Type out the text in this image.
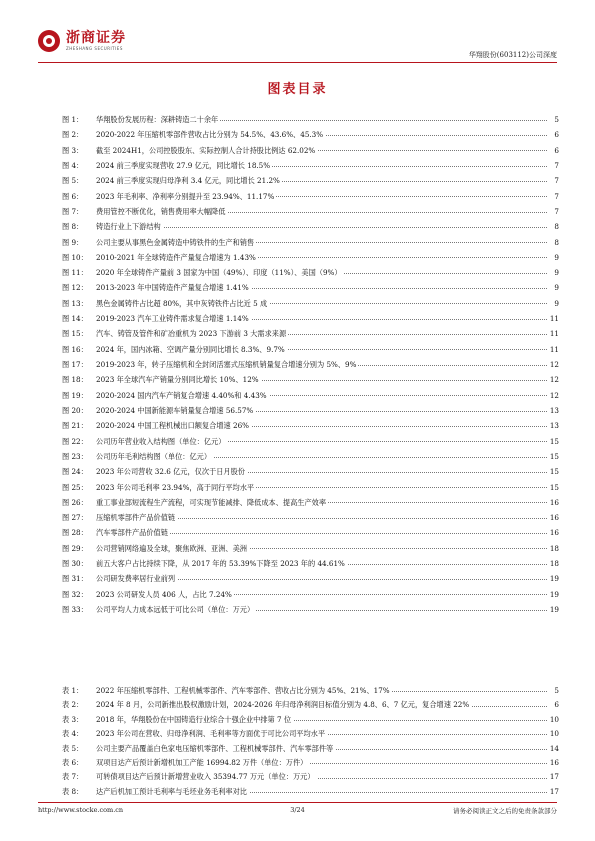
浙商证券
ZHESHANG SECURITIES
华翔股份(603112)公司深度
图表目录
图 1： 华翔股份发展历程：深耕铸造二十余年	5
图 2： 2020-2022 年压缩机零部件营收占比分别为 54.5%、43.6%、45.3%	6
图 3： 截至 2024H1，公司控股股东、实际控制人合计持股比例达 62.02%	6
图 4： 2024 前三季度实现营收 27.9 亿元，同比增长 18.5%	7
图 5： 2024 前三季度实现归母净利 3.4 亿元，同比增长 21.2%	7
图 6： 2023 年毛利率、净利率分别提升至 23.94%、11.17%	7
图 7： 费用管控不断优化，销售费用率大幅降低	7
图 8： 铸造行业上下游结构	8
图 9： 公司主要从事黑色金属铸造中铸铁件的生产和销售	8
图 10： 2010-2021 年全球铸造件产量复合增速为 1.43%	9
图 11： 2020 年全球铸件产量前 3 国家为中国（49%）、印度（11%）、美国（9%）	9
图 12： 2013-2023 年中国铸造件产量复合增速 1.41%	9
图 13： 黑色金属铸件占比超 80%，其中灰铸铁件占比近 5 成	9
图 14： 2019-2023 汽车工业铸件需求复合增速 1.14%	11
图 15： 汽车、铸管及管件和矿冶重机为 2023 下游前 3 大需求来源	11
图 16： 2024 年，国内冰箱、空调产量分别同比增长 8.3%、9.7%	11
图 17： 2019-2023 年，转子压缩机和全封闭活塞式压缩机销量复合增速分别为 5%、9%	12
图 18： 2023 年全球汽车产销量分别同比增长 10%、12%	12
图 19： 2020-2024 国内汽车产销复合增速 4.40%和 4.43%	12
图 20： 2020-2024 中国新能源车销量复合增速 56.57%	13
图 21： 2020-2024 中国工程机械出口额复合增速 26%	13
图 22： 公司历年营业收入结构图（单位：亿元）	15
图 23： 公司历年毛利结构图（单位：亿元）	15
图 24： 2023 年公司营收 32.6 亿元，仅次于日月股份	15
图 25： 2023 年公司毛利率 23.94%，高于同行平均水平	15
图 26： 重工事业部短流程生产流程，可实现节能减排、降低成本、提高生产效率	16
图 27： 压缩机零部件产品价值链	16
图 28： 汽车零部件产品价值链	16
图 29： 公司营销网络遍及全球，聚焦欧洲、亚洲、美洲	18
图 30： 前五大客户占比持续下降，从 2017 年的 53.39%下降至 2023 年的 44.61%	18
图 31： 公司研发费率居行业前列	19
图 32： 2023 公司研发人员 406 人，占比 7.24%	19
图 33： 公司平均人力成本远低于可比公司（单位：万元）	19
表 1： 2022 年压缩机零部件、工程机械零部件、汽车零部件、营收占比分别为 45%、21%、17%	5
表 2： 2024 年 8 月，公司新推出股权激励计划，2024-2026 年归母净利润目标值分别为 4.8、6、7 亿元，复合增速 22%	6
表 3： 2018 年，华翔股份在中国铸造行业综合十强企业中排第 7 位	10
表 4： 2023 年公司在营收、归母净利润、毛利率等方面优于可比公司平均水平	10
表 5： 公司主要产品覆盖白色家电压缩机零部件、工程机械零部件、汽车零部件等	14
表 6： 双项目达产后预计新增机加工产能 16994.82 万件（单位：万件）	16
表 7： 可转债项目达产后预计新增营业收入 35394.77 万元（单位：万元）	17
表 8： 达产后机加工预计毛利率与毛坯业务毛利率对比	17
http://www.stocke.com.cn	3/24	请务必阅读正文之后的免责条款部分
